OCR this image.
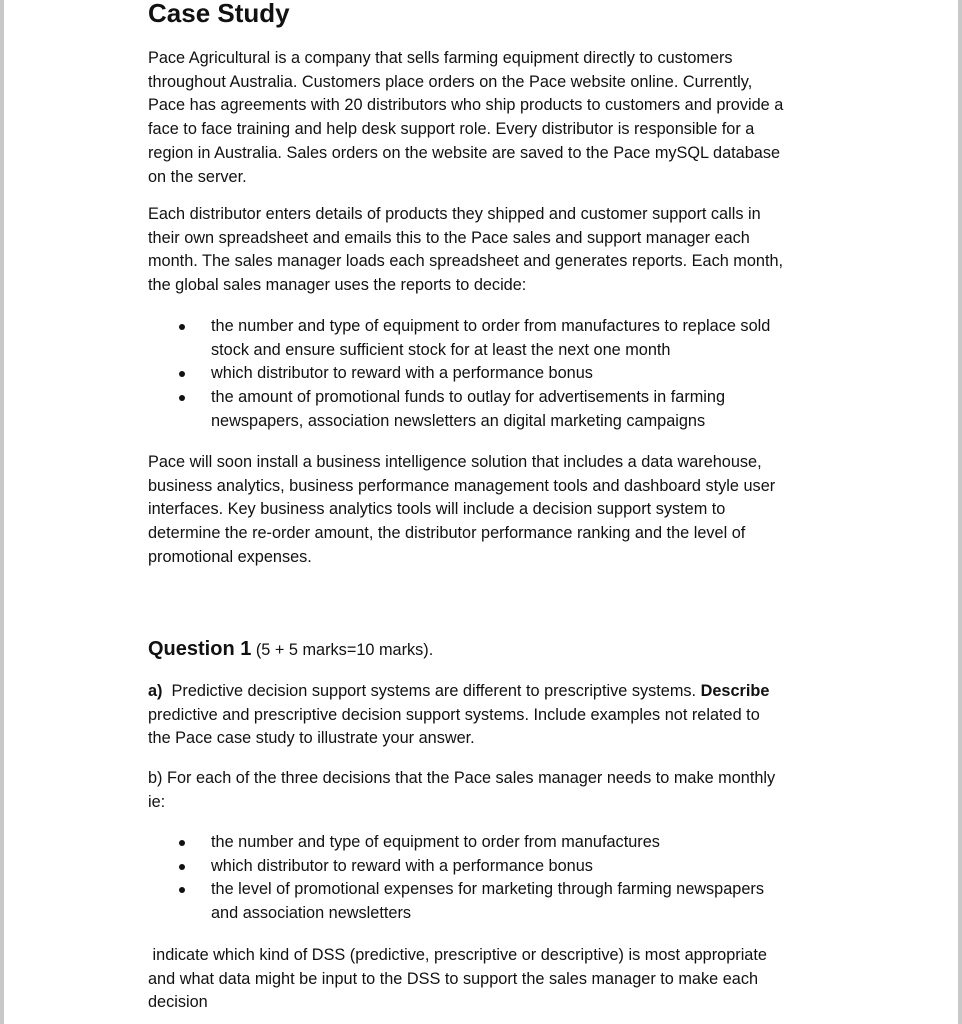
Case Study
Pace Agricultural is a company that sells farming equipment directly to customers
throughout Australia. Customers place orders on the Pace website online. Currently,
Pace has agreements with 20 distributors who ship products to customers and provide a
face to face training and help desk support role. Every distributor is responsible for a
region in Australia. Sales orders on the website are saved to the Pace mySQL database
on the server.
Each distributor enters details of products they shipped and customer support calls in
their own spreadsheet and emails this to the Pace sales and support manager each
month. The sales manager loads each spreadsheet and generates reports. Each month,
the global sales manager uses the reports to decide:
the number and type of equipment to order from manufactures to replace sold
stock and ensure sufficient stock for at least the next one month
which distributor to reward with a performance bonus
the amount of promotional funds to outlay for advertisements in farming
newspapers, association newsletters an digital marketing campaigns
Pace will soon install a business intelligence solution that includes a data warehouse,
business analytics, business performance management tools and dashboard style user
interfaces. Key business analytics tools will include a decision support system to
determine the re-order amount, the distributor performance ranking and the level of
promotional expenses.
Question 1 (5 + 5 marks=10 marks).
a) Predictive decision support systems are different to prescriptive systems. Describe
predictive and prescriptive decision support systems. Include examples not related to
the Pace case study to illustrate your answer.
b) For each of the three decisions that the Pace sales manager needs to make monthly
ie:
the number and type of equipment to order from manufactures
which distributor to reward with a performance bonus
the level of promotional expenses for marketing through farming newspapers
and association newsletters
indicate which kind of DSS (predictive, prescriptive or descriptive) is most appropriate
and what data might be input to the DSS to support the sales manager to make each
decision
